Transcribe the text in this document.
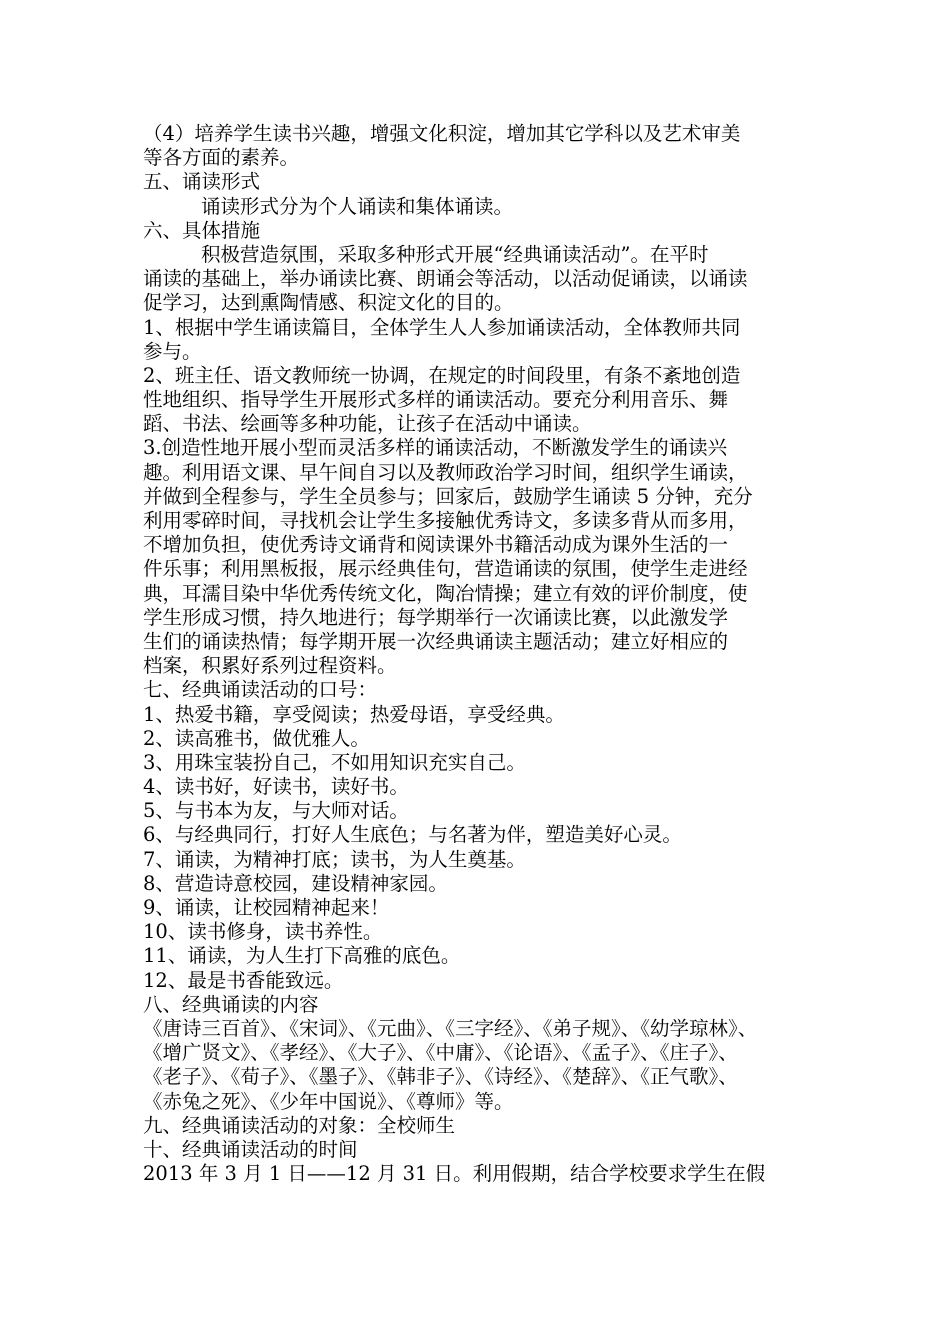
（4）培养学生读书兴趣，增强文化积淀，增加其它学科以及艺术审美
等各方面的素养。
五、诵读形式
诵读形式分为个人诵读和集体诵读。
六、具体措施
积极营造氛围，采取多种形式开展“经典诵读活动”。在平时
诵读的基础上，举办诵读比赛、朗诵会等活动，以活动促诵读，以诵读
促学习，达到熏陶情感、积淀文化的目的。
1、根据中学生诵读篇目，全体学生人人参加诵读活动，全体教师共同
参与。
2、班主任、语文教师统一协调，在规定的时间段里，有条不紊地创造
性地组织、指导学生开展形式多样的诵读活动。要充分利用音乐、舞
蹈、书法、绘画等多种功能，让孩子在活动中诵读。
3.创造性地开展小型而灵活多样的诵读活动，不断激发学生的诵读兴
趣。利用语文课、早午间自习以及教师政治学习时间，组织学生诵读，
并做到全程参与，学生全员参与；回家后，鼓励学生诵读 5 分钟，充分
利用零碎时间，寻找机会让学生多接触优秀诗文，多读多背从而多用，
不增加负担，使优秀诗文诵背和阅读课外书籍活动成为课外生活的一
件乐事；利用黑板报，展示经典佳句，营造诵读的氛围，使学生走进经
典，耳濡目染中华优秀传统文化，陶冶情操；建立有效的评价制度，使
学生形成习惯，持久地进行；每学期举行一次诵读比赛，以此激发学
生们的诵读热情；每学期开展一次经典诵读主题活动；建立好相应的
档案，积累好系列过程资料。
七、经典诵读活动的口号：
1、热爱书籍，享受阅读；热爱母语，享受经典。
2、读高雅书，做优雅人。
3、用珠宝装扮自己，不如用知识充实自己。
4、读书好，好读书，读好书。
5、与书本为友，与大师对话。
6、与经典同行，打好人生底色；与名著为伴，塑造美好心灵。
7、诵读，为精神打底；读书，为人生奠基。
8、营造诗意校园，建设精神家园。
9、诵读，让校园精神起来！
10、读书修身，读书养性。
11、诵读，为人生打下高雅的底色。
12、最是书香能致远。
八、经典诵读的内容
《唐诗三百首》、《宋词》、《元曲》、《三字经》、《弟子规》、《幼学琼林》、
《增广贤文》、《孝经》、《大子》、《中庸》、《论语》、《孟子》、《庄子》、
《老子》、《荀子》、《墨子》、《韩非子》、《诗经》、《楚辞》、《正气歌》、
《赤兔之死》、《少年中国说》、《尊师》等。
九、经典诵读活动的对象：全校师生
十、经典诵读活动的时间
2013 年 3 月 1 日——12 月 31 日。利用假期，结合学校要求学生在假
